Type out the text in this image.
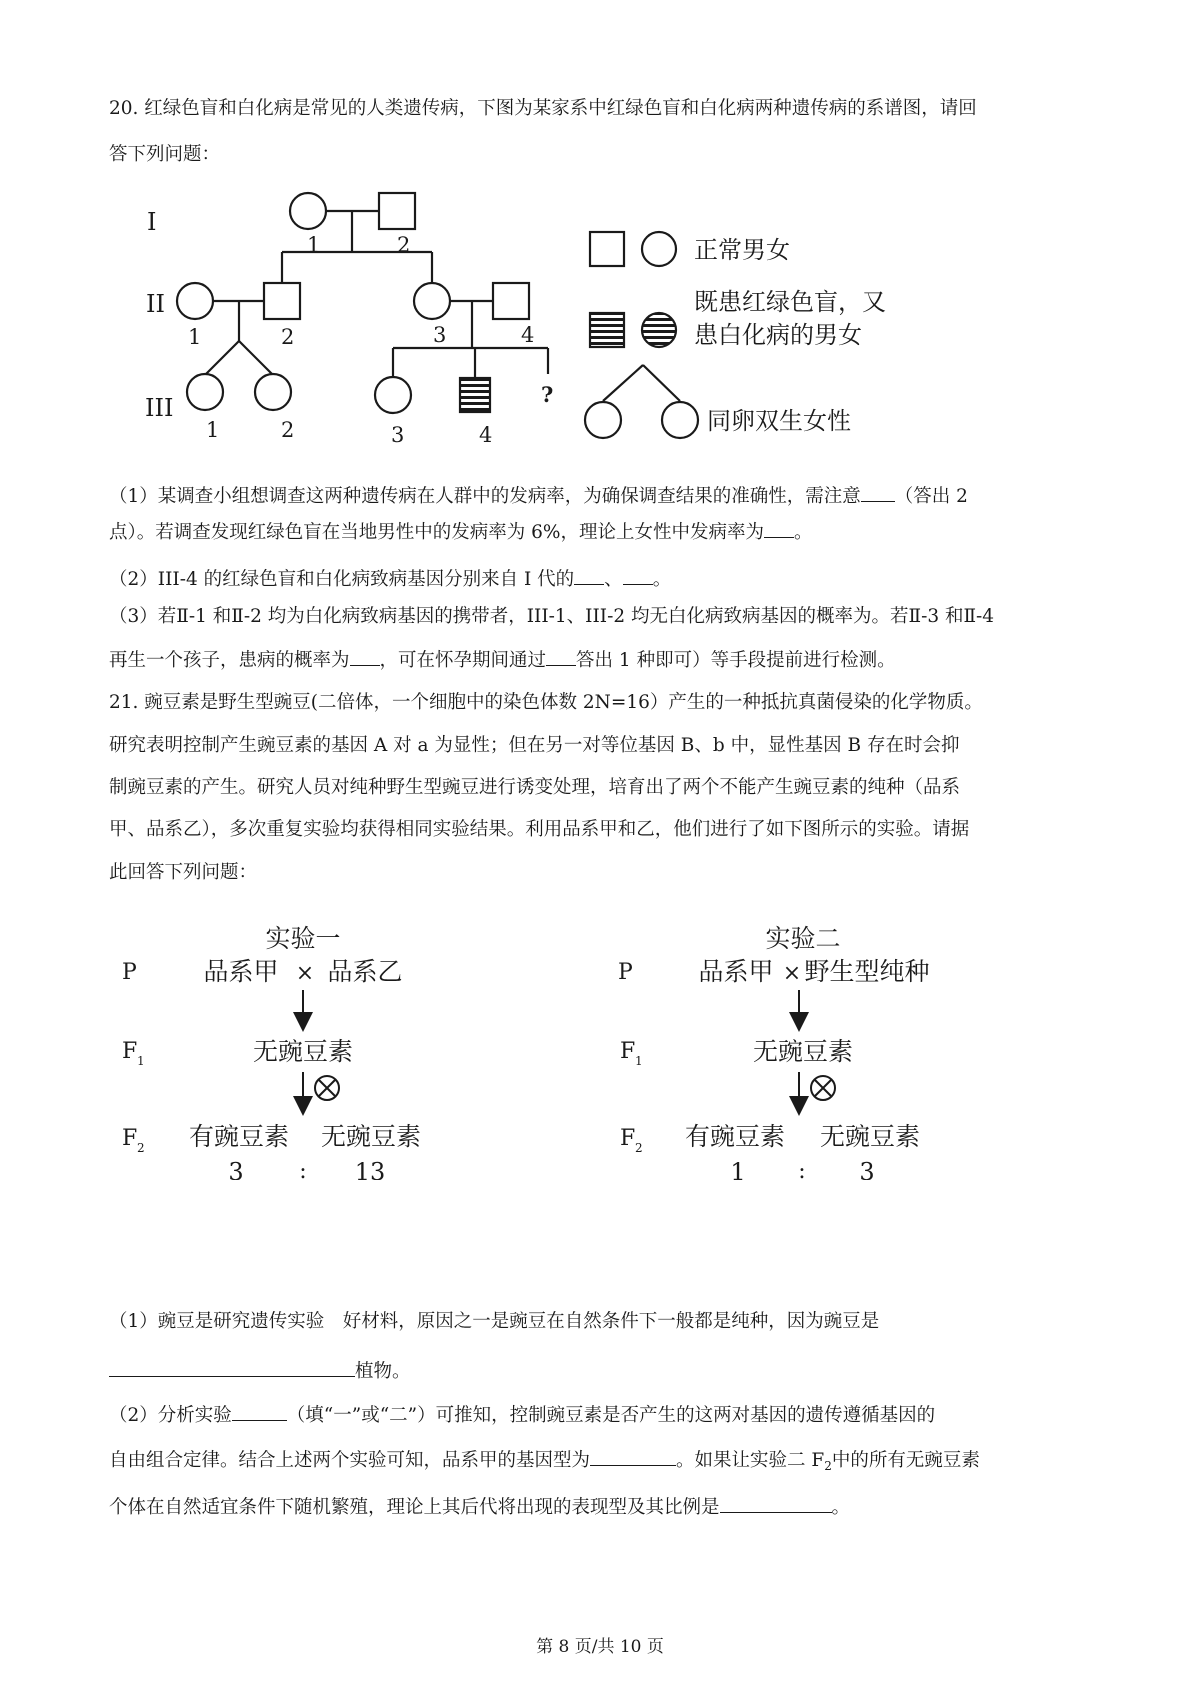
20. 红绿色盲和白化病是常见的人类遗传病，下图为某家系中红绿色盲和白化病两种遗传病的系谱图，请回
答下列问题：
I
II
III
1	2
1	2	3	4
1	2	3	4
?
正常男女
既患红绿色盲，又
患白化病的男女
同卵双生女性
（1）某调查小组想调查这两种遗传病在人群中的发病率，为确保调查结果的准确性，需注意 （答出 2
点）。若调查发现红绿色盲在当地男性中的发病率为 6%，理论上女性中发病率为 。
（2）III-4 的红绿色盲和白化病致病基因分别来自 I 代的 、 。
（3）若Ⅱ-1 和Ⅱ-2 均为白化病致病基因的携带者，III-1、III-2 均无白化病致病基因的概率为。若Ⅱ-3 和Ⅱ-4
再生一个孩子，患病的概率为 ，可在怀孕期间通过 答出 1 种即可）等手段提前进行检测。
21. 豌豆素是野生型豌豆(二倍体，一个细胞中的染色体数 2N=16）产生的一种抵抗真菌侵染的化学物质。
研究表明控制产生豌豆素的基因 A 对 a 为显性；但在另一对等位基因 B、b 中，显性基因 B 存在时会抑
制豌豆素的产生。研究人员对纯种野生型豌豆进行诱变处理，培育出了两个不能产生豌豆素的纯种（品系
甲、品系乙），多次重复实验均获得相同实验结果。利用品系甲和乙，他们进行了如下图所示的实验。请据
此回答下列问题：
P
F 1
F 2
实验一
品系甲 × 品系乙
无豌豆素
有豌豆素 无豌豆素
3	: 13
P
F 1
F 2
实验二
品系甲 × 野生型纯种
无豌豆素
有豌豆素 无豌豆素
1 : 3
（1）豌豆是研究遗传实验　好材料，原因之一是豌豆在自然条件下一般都是纯种，因为豌豆是
植物。
（2）分析实验	（填“一”或“二”）可推知，控制豌豆素是否产生的这两对基因的遗传遵循基因的
自由组合定律。结合上述两个实验可知，品系甲的基因型为	。如果让实验二 $F_2$中的所有无豌豆素
个体在自然适宜条件下随机繁殖，理论上其后代将出现的表现型及其比例是	。
第 8 页/共 10 页
